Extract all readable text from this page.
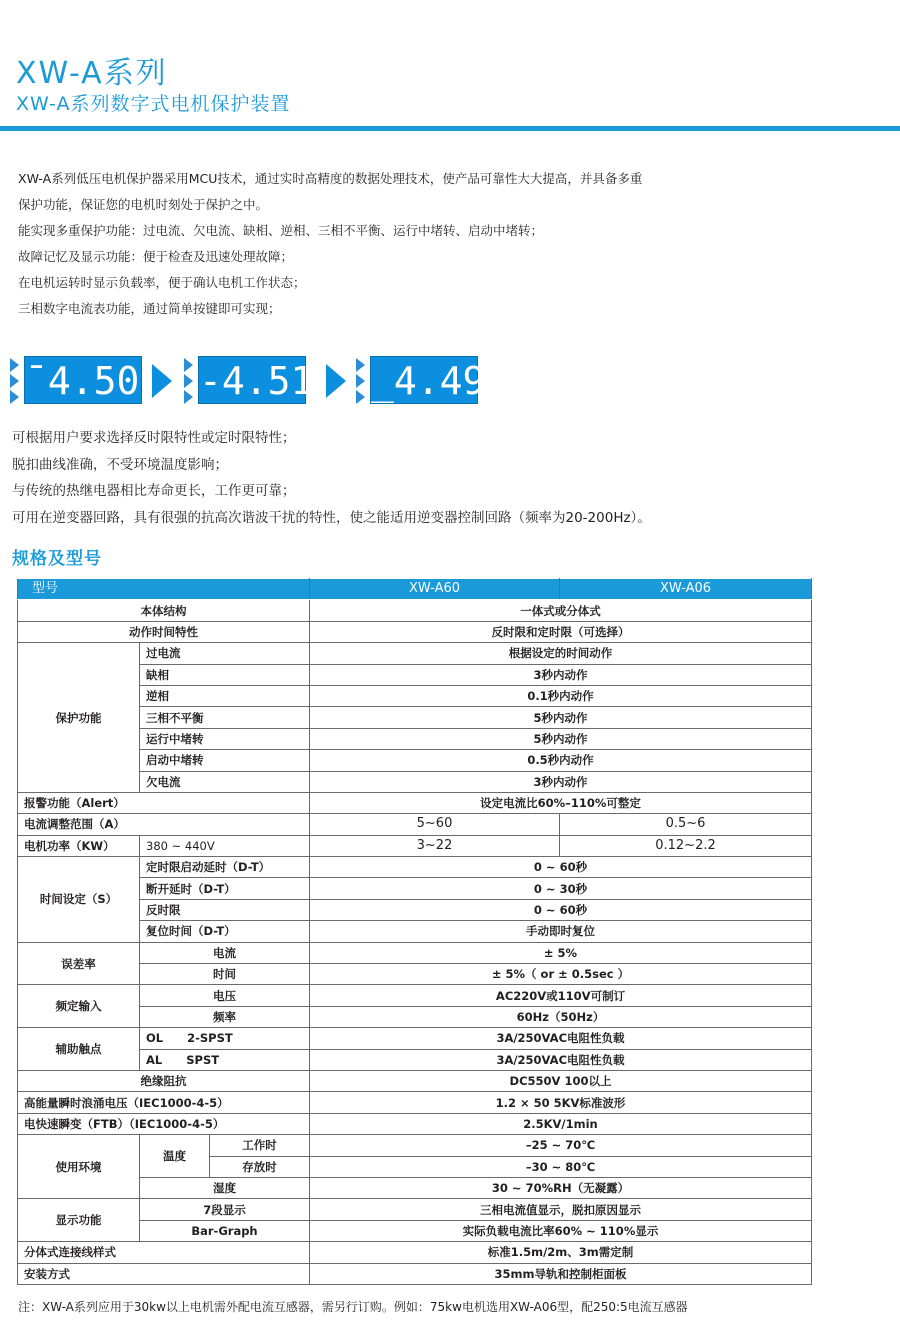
XW-A系列
XW-A系列数字式电机保护装置

XW-A系列低压电机保护器采用MCU技术，通过实时高精度的数据处理技术，使产品可靠性大大提高，并具备多重

保护功能，保证您的电机时刻处于保护之中。

能实现多重保护功能：过电流、欠电流、缺相、逆相、三相不平衡、运行中堵转、启动中堵转；

故障记忆及显示功能：便于检查及迅速处理故障；

在电机运转时显示负载率，便于确认电机工作状态；

三相数字电流表功能，通过简单按键即可实现；

¯4.50 -4.51 _4.49

可根据用户要求选择反时限特性或定时限特性；

脱扣曲线准确，不受环境温度影响；

与传统的热继电器相比寿命更长，工作更可靠；

可用在逆变器回路，具有很强的抗高次谐波干扰的特性，使之能适用逆变器控制回路（频率为20-200Hz）。

规格及型号
型号			XW-A60	XW-A06
本体结构			一体式或分体式	
动作时间特性			反时限和定时限（可选择）	
保护功能	过电流		根据设定的时间动作	
	缺相		3秒内动作	
	逆相		0.1秒内动作	
	三相不平衡		5秒内动作	
	运行中堵转		5秒内动作	
	启动中堵转		0.5秒内动作	
	欠电流		3秒内动作	
报警功能（Alert）			设定电流比60%–110%可整定	
电流调整范围（A）			5~60	0.5~6
电机功率（KW）	380 ~ 440V		3~22	0.12~2.2
时间设定（S）	定时限启动延时（D-T）		0 ~ 60秒	
	断开延时（D-T）		0 ~ 30秒	
	反时限		0 ~ 60秒	
	复位时间（D-T）		手动即时复位	
误差率	电流		± 5%	
	时间		± 5%（ or ± 0.5sec ）	
频定输入	电压		AC220V或110V可制订	
	频率		60Hz（50Hz）	
辅助触点	OL 2-SPST		3A/250VAC电阻性负载	
	AL SPST		3A/250VAC电阻性负载	
绝缘阻抗			DC550V 100以上	
高能量瞬时浪涌电压（IEC1000-4-5）			1.2 × 50 5KV标准波形	
电快速瞬变（FTB）（IEC1000-4-5）			2.5KV/1min	
使用环境	温度	工作时	–25 ~ 70℃	
		存放时	–30 ~ 80℃	
	湿度		30 ~ 70%RH（无凝露）	
显示功能	7段显示		三相电流值显示，脱扣原因显示	
	Bar-Graph		实际负载电流比率60% ~ 110%显示	
分体式连接线样式			标准1.5m/2m、3m需定制	
安装方式			35mm导轨和控制柜面板	
注：XW-A系列应用于30kw以上电机需外配电流互感器，需另行订购。例如：75kw电机选用XW-A06型，配250:5电流互感器
